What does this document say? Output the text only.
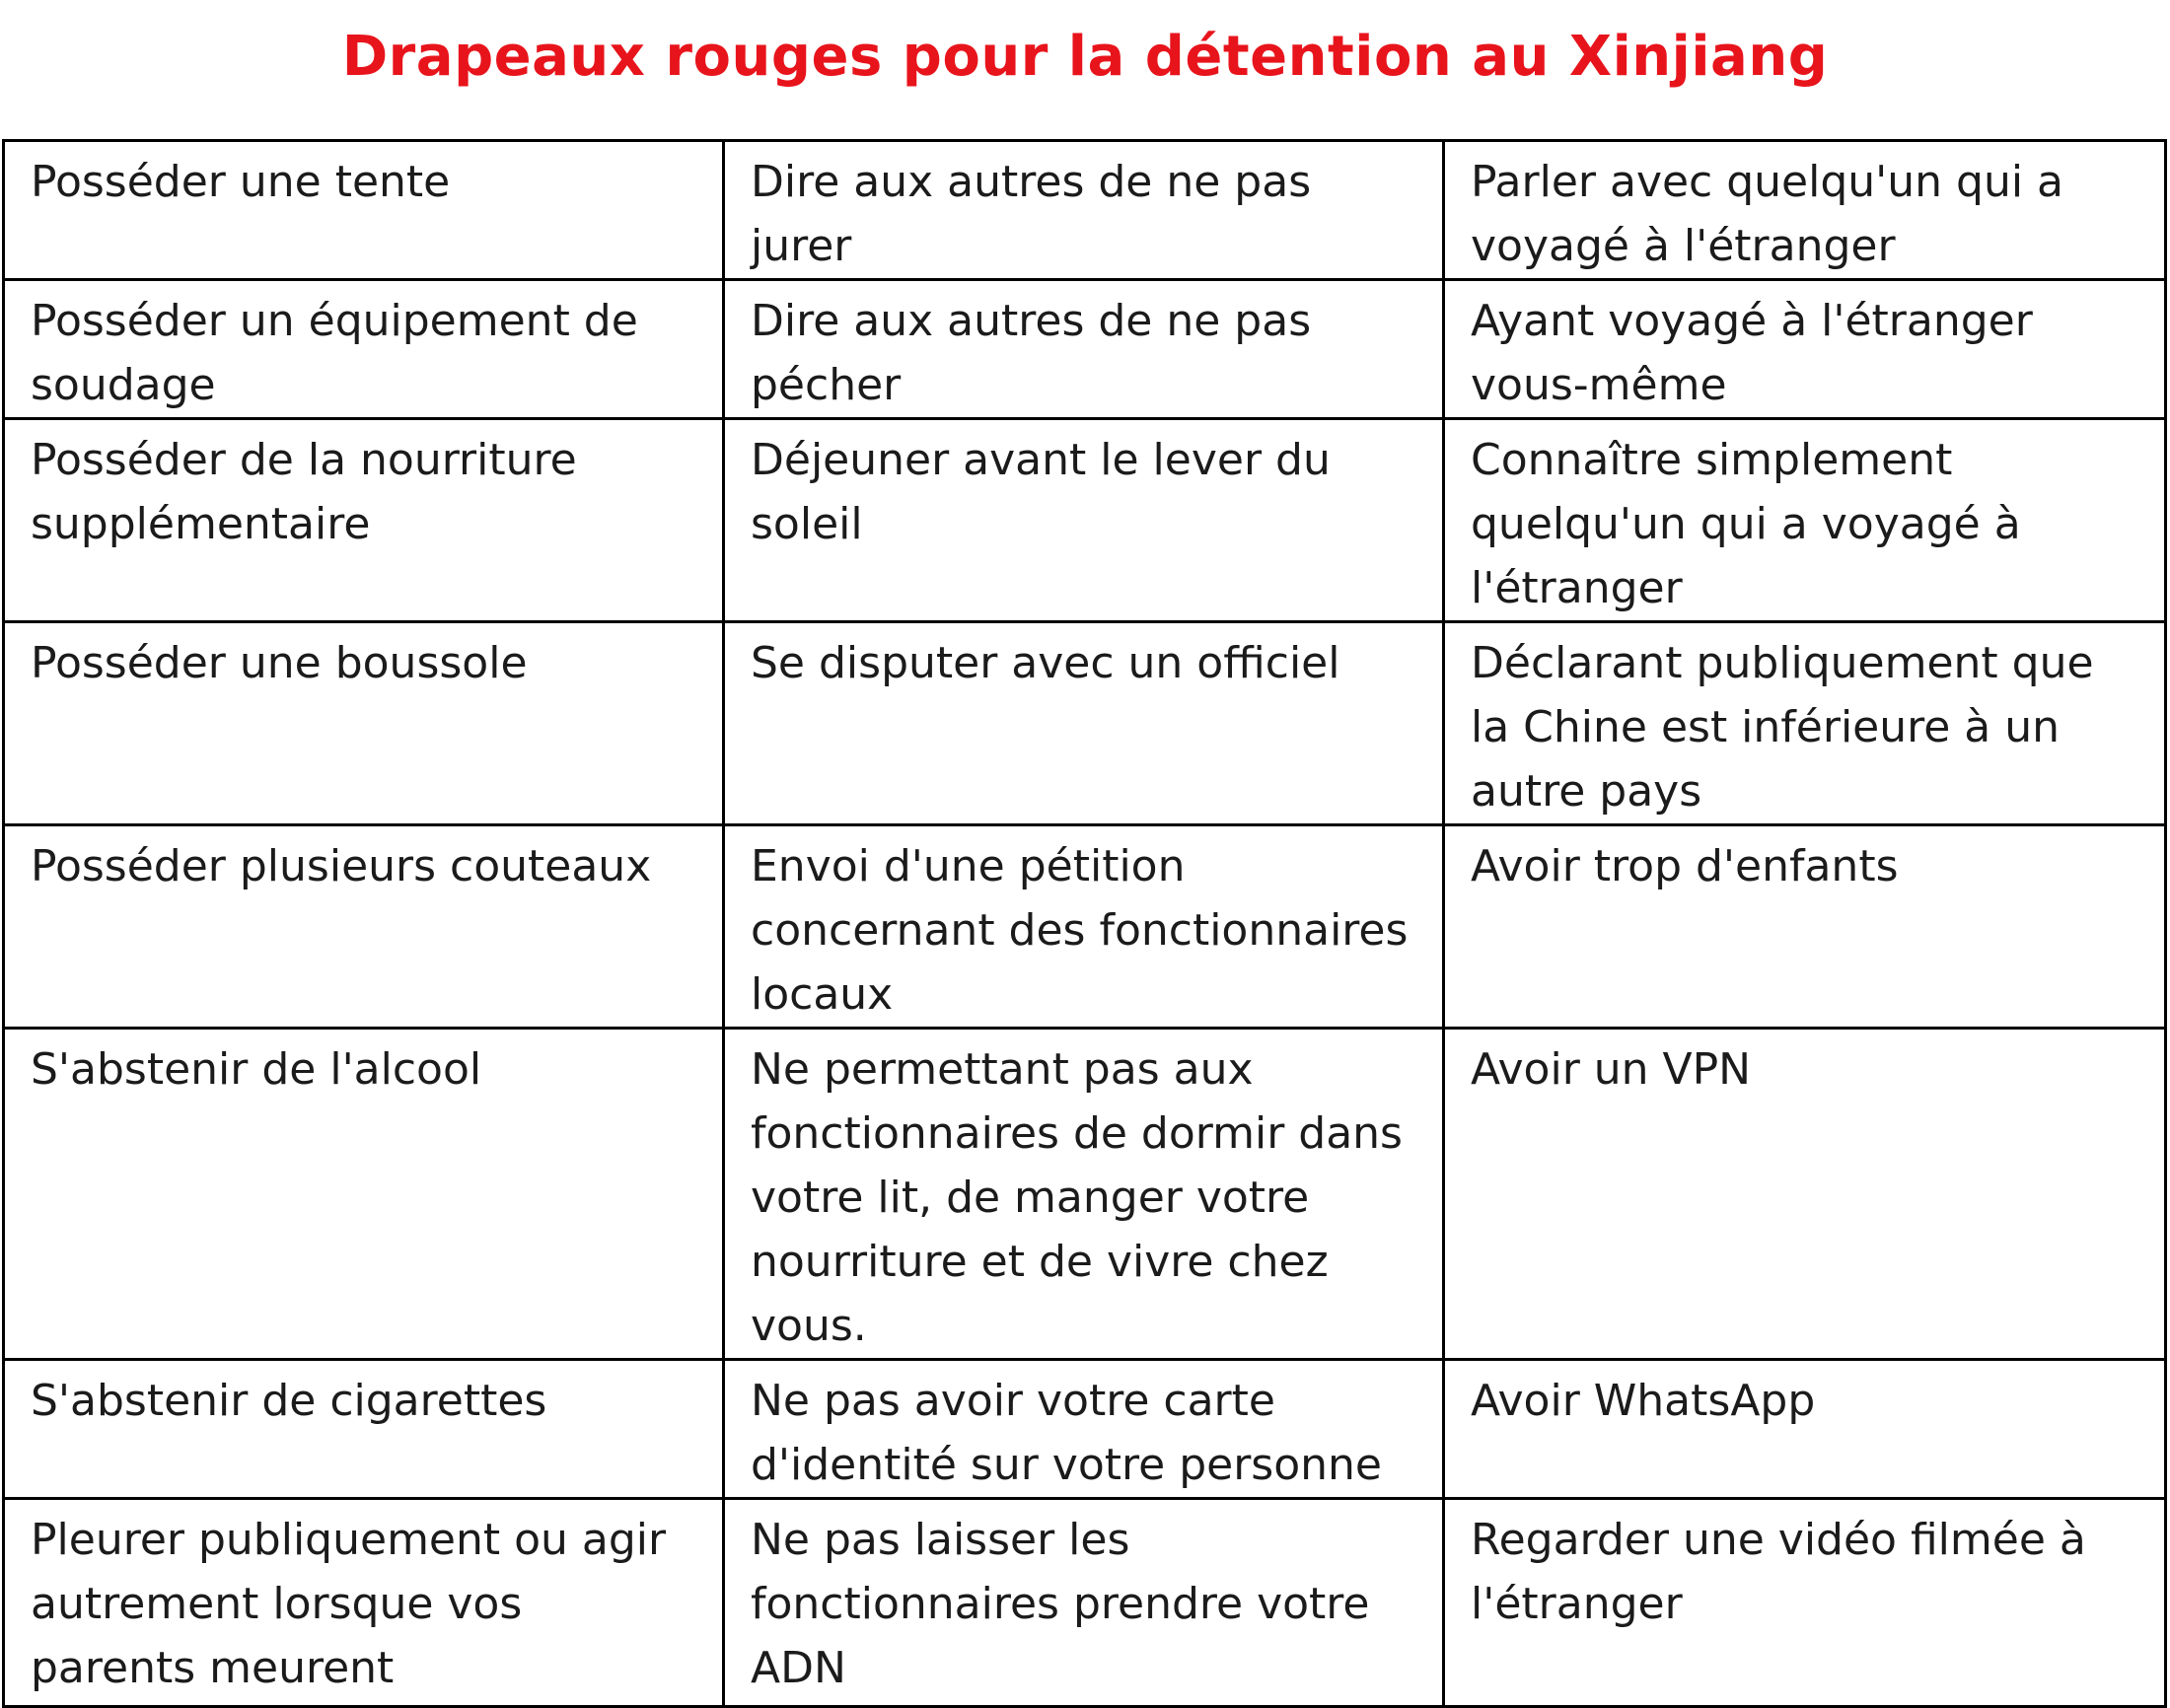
Drapeaux rouges pour la détention au Xinjiang
Posséder une tente	Dire aux autres de ne pas jurer	Parler avec quelqu'un qui a voyagé à l'étranger
Posséder un équipement de soudage	Dire aux autres de ne pas pécher	Ayant voyagé à l'étranger vous-même
Posséder de la nourriture supplémentaire	Déjeuner avant le lever du soleil	Connaître simplement quelqu'un qui a voyagé à l'étranger
Posséder une boussole	Se disputer avec un officiel	Déclarant publiquement que la Chine est inférieure à un autre pays
Posséder plusieurs couteaux	Envoi d'une pétition concernant des fonctionnaires locaux	Avoir trop d'enfants
S'abstenir de l'alcool	Ne permettant pas aux fonctionnaires de dormir dans votre lit, de manger votre nourriture et de vivre chez vous.	Avoir un VPN
S'abstenir de cigarettes	Ne pas avoir votre carte d'identité sur votre personne	Avoir WhatsApp
Pleurer publiquement ou agir autrement lorsque vos parents meurent	Ne pas laisser les fonctionnaires prendre votre ADN	Regarder une vidéo filmée à l'étranger
